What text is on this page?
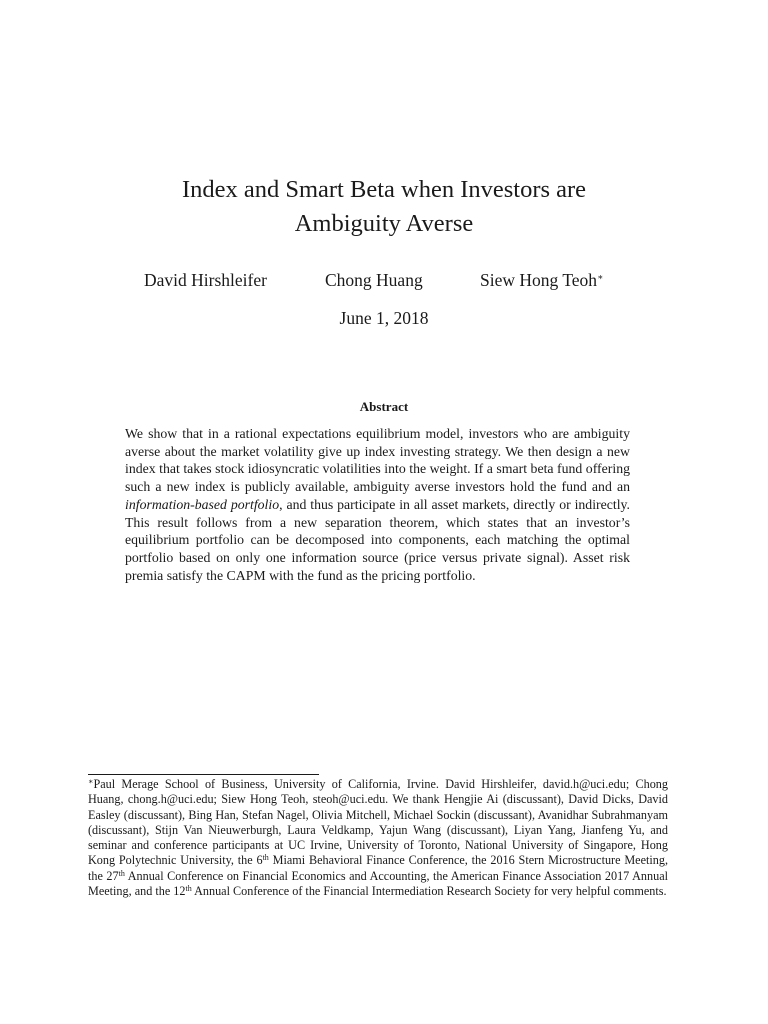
Index and Smart Beta when Investors are
Ambiguity Averse
David Hirshleifer	Chong Huang	Siew Hong Teoh∗
June 1, 2018
Abstract
We show that in a rational expectations equilibrium model, investors who are ambiguity averse about the market volatility give up index investing strategy. We then design a new index that takes stock idiosyncratic volatilities into the weight. If a smart beta fund offering such a new index is publicly available, ambiguity averse investors hold the fund and an information-based portfolio, and thus participate in all asset markets, directly or indirectly. This result follows from a new separation theorem, which states that an investor’s equilibrium portfolio can be decomposed into components, each matching the optimal portfolio based on only one information source (price versus private signal). Asset risk premia satisfy the CAPM with the fund as the pricing portfolio.
∗Paul Merage School of Business, University of California, Irvine. David Hirshleifer, david.h@uci.edu; Chong Huang, chong.h@uci.edu; Siew Hong Teoh, steoh@uci.edu. We thank Hengjie Ai (discussant), David Dicks, David Easley (discussant), Bing Han, Stefan Nagel, Olivia Mitchell, Michael Sockin (discussant), Avanidhar Subrahmanyam (discussant), Stijn Van Nieuwerburgh, Laura Veldkamp, Yajun Wang (discussant), Liyan Yang, Jianfeng Yu, and seminar and conference participants at UC Irvine, University of Toronto, National University of Singapore, Hong Kong Polytechnic University, the 6th Miami Behavioral Finance Conference, the 2016 Stern Microstructure Meeting, the 27th Annual Conference on Financial Economics and Accounting, the American Finance Association 2017 Annual Meeting, and the 12th Annual Conference of the Financial Intermediation Research Society for very helpful comments.
